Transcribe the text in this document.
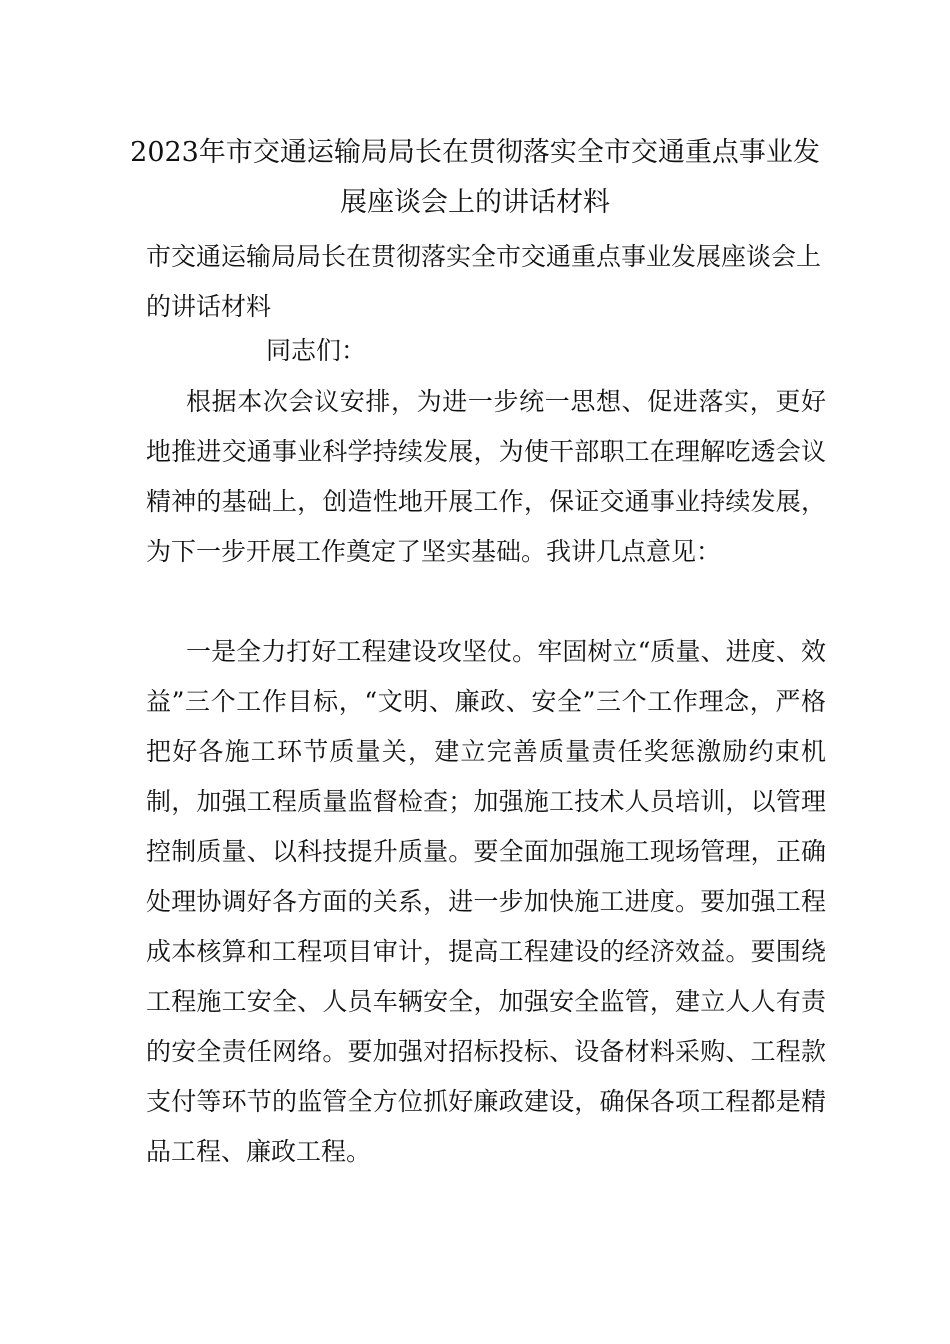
2023年市交通运输局局长在贯彻落实全市交通重点事业发展座谈会上的讲话材料
市交通运输局局长在贯彻落实全市交通重点事业发展座谈会上的讲话材料
同志们：

根据本次会议安排，为进一步统一思想、促进落实，更好地推进交通事业科学持续发展，为使干部职工在理解吃透会议精神的基础上，创造性地开展工作，保证交通事业持续发展，为下一步开展工作奠定了坚实基础。我讲几点意见：

一是全力打好工程建设攻坚仗。牢固树立“质量、进度、效益”三个工作目标，“文明、廉政、安全”三个工作理念，严格把好各施工环节质量关，建立完善质量责任奖惩激励约束机制，加强工程质量监督检查；加强施工技术人员培训，以管理控制质量、以科技提升质量。要全面加强施工现场管理，正确处理协调好各方面的关系，进一步加快施工进度。要加强工程成本核算和工程项目审计，提高工程建设的经济效益。要围绕工程施工安全、人员车辆安全，加强安全监管，建立人人有责的安全责任网络。要加强对招标投标、设备材料采购、工程款支付等环节的监管全方位抓好廉政建设，确保各项工程都是精品工程、廉政工程。
